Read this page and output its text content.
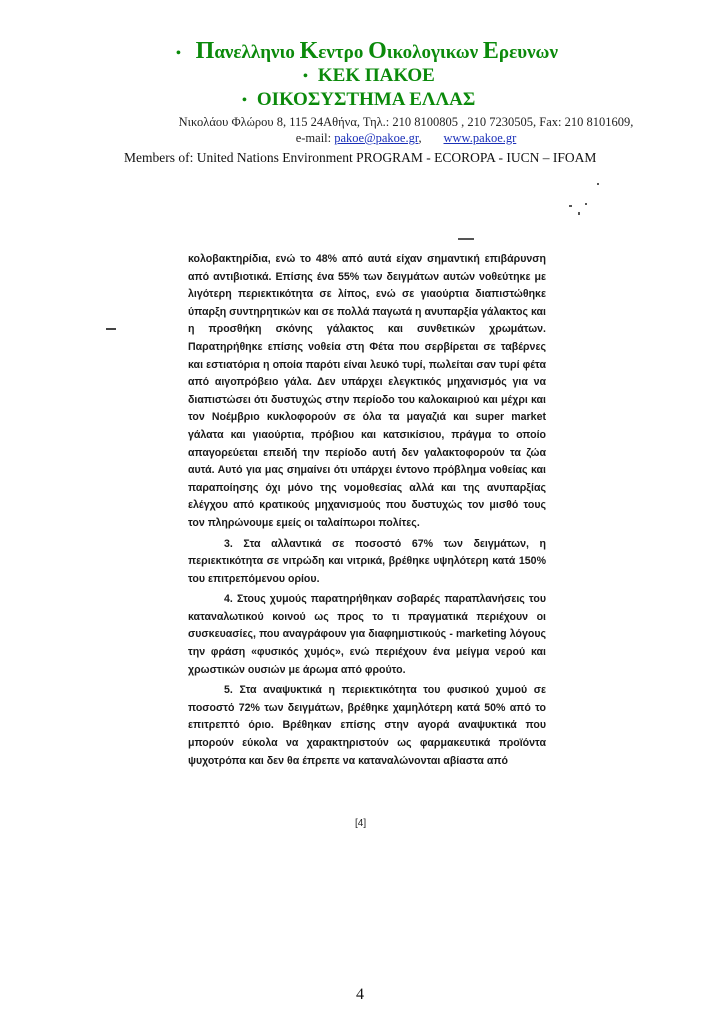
• Πανελληνιο Κεντρο Οικολογικων Ερευνων
• ΚΕΚ ΠΑΚΟΕ
• ΟΙΚΟΣΥΣΤΗΜΑ ΕΛΛΑΣ
Νικολάου Φλώρου 8, 115 24Αθήνα, Τηλ.: 210 8100805 , 210 7230505, Fax: 210 8101609,
e-mail: pakoe@pakoe.gr,       www.pakoe.gr
Members of: United Nations Environment PROGRAM - ECOROPA - IUCN – IFOAM

κολοβακτηρίδια, ενώ το 48% από αυτά είχαν σημαντική επιβάρυνση από αντιβιοτικά. Επίσης ένα 55% των δειγμάτων αυτών νοθεύτηκε με λιγότερη περιεκτικότητα σε λίπος, ενώ σε γιαούρτια διαπιστώθηκε ύπαρξη συντηρητικών και σε πολλά παγωτά η ανυπαρξία γάλακτος και η προσθήκη σκόνης γάλακτος και συνθετικών χρωμάτων. Παρατηρήθηκε επίσης νοθεία στη Φέτα που σερβίρεται σε ταβέρνες και εστιατόρια η οποία παρότι είναι λευκό τυρί, πωλείται σαν τυρί φέτα από αιγοπρόβειο γάλα. Δεν υπάρχει ελεγκτικός μηχανισμός για να διαπιστώσει ότι δυστυχώς στην περίοδο του καλοκαιριού και μέχρι και τον Νοέμβριο κυκλοφορούν σε όλα τα μαγαζιά και super market γάλατα και γιαούρτια, πρόβιου και κατσικίσιου, πράγμα το οποίο απαγορεύεται επειδή την περίοδο αυτή δεν γαλακτοφορούν τα ζώα αυτά. Αυτό για μας σημαίνει ότι υπάρχει έντονο πρόβλημα νοθείας και παραποίησης όχι μόνο της νομοθεσίας αλλά και της ανυπαρξίας ελέγχου από κρατικούς μηχανισμούς που δυστυχώς τον μισθό τους τον πληρώνουμε εμείς οι ταλαίπωροι πολίτες.

3. Στα αλλαντικά σε ποσοστό 67% των δειγμάτων, η περιεκτικότητα σε νιτρώδη και νιτρικά, βρέθηκε υψηλότερη κατά 150% του επιτρεπόμενου ορίου.

4. Στους χυμούς παρατηρήθηκαν σοβαρές παραπλανήσεις του καταναλωτικού κοινού ως προς το τι πραγματικά περιέχουν οι συσκευασίες, που αναγράφουν για διαφημιστικούς - marketing λόγους την φράση «φυσικός χυμός», ενώ περιέχουν ένα μείγμα νερού και χρωστικών ουσιών με άρωμα από φρούτο.

5. Στα αναψυκτικά η περιεκτικότητα του φυσικού χυμού σε ποσοστό 72% των δειγμάτων, βρέθηκε χαμηλότερη κατά 50% από το επιτρεπτό όριο. Βρέθηκαν επίσης στην αγορά αναψυκτικά που μπορούν εύκολα να χαρακτηριστούν ως φαρμακευτικά προϊόντα ψυχοτρόπα και δεν θα έπρεπε να καταναλώνονται αβίαστα από

[4]
4
